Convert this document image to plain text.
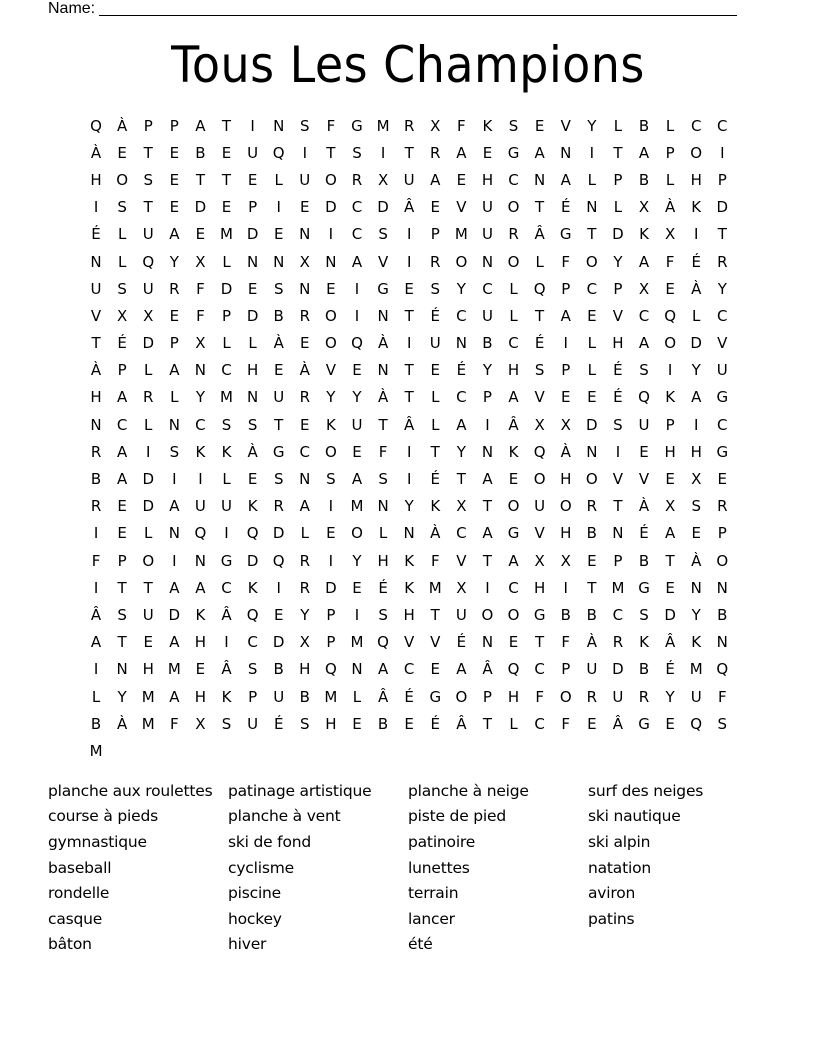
Name:
Tous Les Champions
Q	À	P	P	A	T	I	N	S	F	G M R	X	F	K	S	E	V	Y	L	B	L	C	C
À	E	T	E	B	E	U Q	I	T	S	I	T	R	A	E	G	A	N	I	T	A	P	O	I
H O	S	E	T	T	E	L	U O R	X	U	A	E	H	C	N	A	L	P	B	L	H	P
I	S	T	E	D	E	P	I	E	D	C	D	Â	E	V	U O	T	É	N	L	X	À	K	D
É	L	U	A	E M D	E	N	I	C	S	I	P	M U	R	Â	G	T	D	K	X	I	T
N	L	Q	Y	X	L	N N	X	N	A	V	I	R O N O	L	F	O	Y	A	F	É	R
U	S	U	R	F	D	E	S	N	E	I	G	E	S	Y	C	L	Q	P	C	P	X	E	À	Y
V	X	X	E	F	P	D	B	R O	I	N	T	É	C	U	L	T	A	E	V	C Q	L	C
T	É	D	P	X	L	L	À	E	O Q	À	I	U N	B	C	É	I	L	H	A	O D	V
À	P	L	A	N	C	H	E	À	V	E	N	T	E	É	Y	H	S	P	L	É	S	I	Y	U
H	A	R	L	Y	M N U	R	Y	Y	À	T	L	C	P	A	V	E	E	É	Q	K	A	G
N	C	L	N	C	S	S	T	E	K	U	T	Â	L	A	I	Â	X	X	D	S	U	P	I	C
R	A	I	S	K	K	À	G	C O	E	F	I	T	Y	N	K	Q	À	N	I	E	H H G
B	A	D	I	I	L	E	S	N	S	A	S	I	É	T	A	E	O H O	V	V	E	X	E
R	E	D	A	U	U	K	R	A	I	M N	Y	K	X	T	O U O R	T	À	X	S	R
I	E	L	N Q	I	Q D	L	E	O	L	N	À	C	A	G	V	H	B	N	É	A	E	P
F	P	O	I	N G D Q R	I	Y	H	K	F	V	T	A	X	X	E	P	B	T	À	O
I	T	T	A	A	C	K	I	R	D	E	É	K M X	I	C	H	I	T	M G	E	N N
Â	S	U D	K	Â	Q	E	Y	P	I	S	H	T	U O O G	B	B	C	S	D	Y	B
A	T	E	A	H	I	C	D	X	P	M Q	V	V	É	N	E	T	F	À	R	K	Â	K	N
I	N H M E	Â	S	B	H Q N	A	C	E	A	Â	Q C	P	U D	B	É M Q
L	Y	M A	H	K	P	U	B M	L	Â	É	G O	P	H	F	O R	U	R	Y	U	F
B	À M	F	X	S	U	É	S	H	E	B	E	É	Â	T	L	C	F	E	Â	G	E	Q	S
M
planche aux roulettes	patinage artistique	planche à neige	surf des neiges
course à pieds	planche à vent	piste de pied	ski nautique
gymnastique	ski de fond	patinoire	ski alpin
baseball	cyclisme	lunettes	natation
rondelle	piscine	terrain	aviron
casque	hockey	lancer	patins
bâton	hiver	été
